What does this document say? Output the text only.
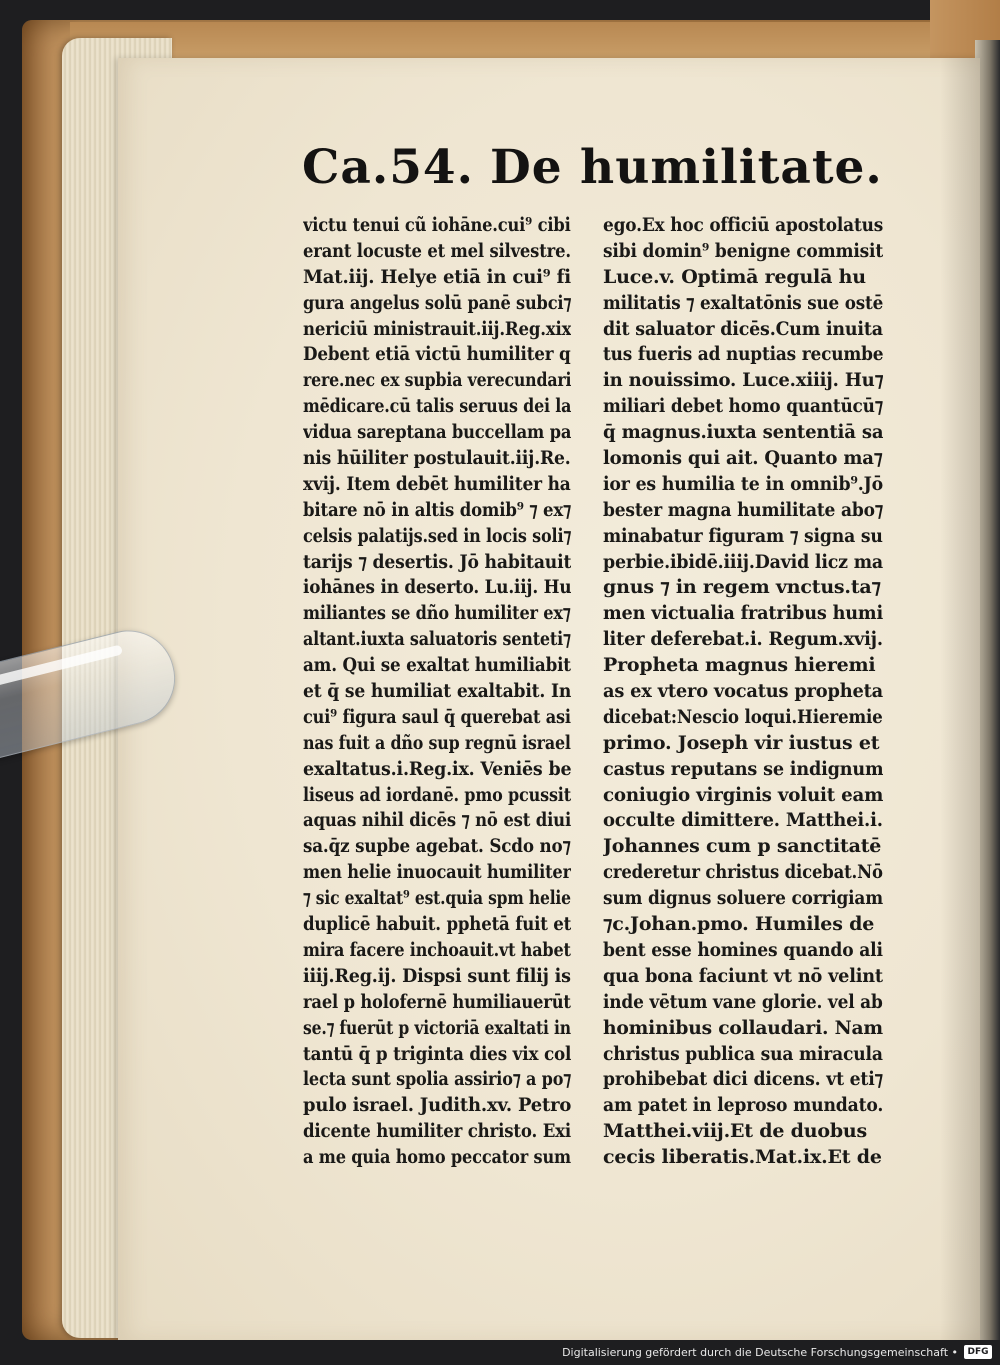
Ca.54. De humilitate.
victu tenui cũ iohāne.cui⁹ cibi
erant locuste et mel silvestre.
Mat.iij. Helye etiā in cui⁹ fi
gura angelus solū panē subci⁊
nericiū ministrauit.iij.Reg.xix
Debent etiā victū humiliter q
rere.nec ex supbia verecundari
mēdicare.cū talis seruus dei la
vidua sareptana buccellam pa
nis hūiliter postulauit.iij.Re.
xvij. Item debēt humiliter ha
bitare nō in altis domib⁹ ⁊ ex⁊
celsis palatijs.sed in locis soli⁊
tarijs ⁊ desertis. Jō habitauit
iohānes in deserto. Lu.iij. Hu
miliantes se dño humiliter ex⁊
altant.iuxta saluatoris senteti⁊
am. Qui se exaltat humiliabit
et q̄ se humiliat exaltabit. In
cui⁹ figura saul q̄ querebat asi
nas fuit a dño sup regnū israel
exaltatus.i.Reg.ix. Veniēs be
liseus ad iordanē. pmo pcussit
aquas nihil dicēs ⁊ nō est diui
sa.q̄z supbe agebat. Scdo no⁊
men helie inuocauit humiliter
⁊ sic exaltat⁹ est.quia spm helie
duplicē habuit. pphetā fuit et
mira facere inchoauit.vt habet
iiij.Reg.ij. Dispsi sunt filij is
rael p holofernē humiliauerūt
se.⁊ fuerūt p victoriā exaltati in
tantū q̄ p triginta dies vix col
lecta sunt spolia assirio⁊ a po⁊
pulo israel. Judith.xv. Petro
dicente humiliter christo. Exi
a me quia homo peccator sum
ego.Ex hoc officiū apostolatus
sibi domin⁹ benigne commisit
Luce.v. Optimā regulā hu
militatis ⁊ exaltatōnis sue ostē
dit saluator dicēs.Cum inuita
tus fueris ad nuptias recumbe
in nouissimo. Luce.xiiij. Hu⁊
miliari debet homo quantūcū⁊
q̄ magnus.iuxta sententiā sa
lomonis qui ait. Quanto ma⁊
ior es humilia te in omnib⁹.Jō
bester magna humilitate abo⁊
minabatur figuram ⁊ signa su
perbie.ibidē.iiij.David licz ma
gnus ⁊ in regem vnctus.ta⁊
men victualia fratribus humi
liter deferebat.i. Regum.xvij.
Propheta magnus hieremi
as ex vtero vocatus propheta
dicebat:Nescio loqui.Hieremie
primo. Joseph vir iustus et
castus reputans se indignum
coniugio virginis voluit eam
occulte dimittere. Matthei.i.
Johannes cum p sanctitatē
crederetur christus dicebat.Nō
sum dignus soluere corrigiam
⁊c.Johan.pmo. Humiles de
bent esse homines quando ali
qua bona faciunt vt nō velint
inde vētum vane glorie. vel ab
hominibus collaudari. Nam
christus publica sua miracula
prohibebat dici dicens. vt eti⁊
am patet in leproso mundato.
Matthei.viij.Et de duobus
cecis liberatis.Mat.ix.Et de
Digitalisierung gefördert durch die Deutsche Forschungsgemeinschaft •	DFG
